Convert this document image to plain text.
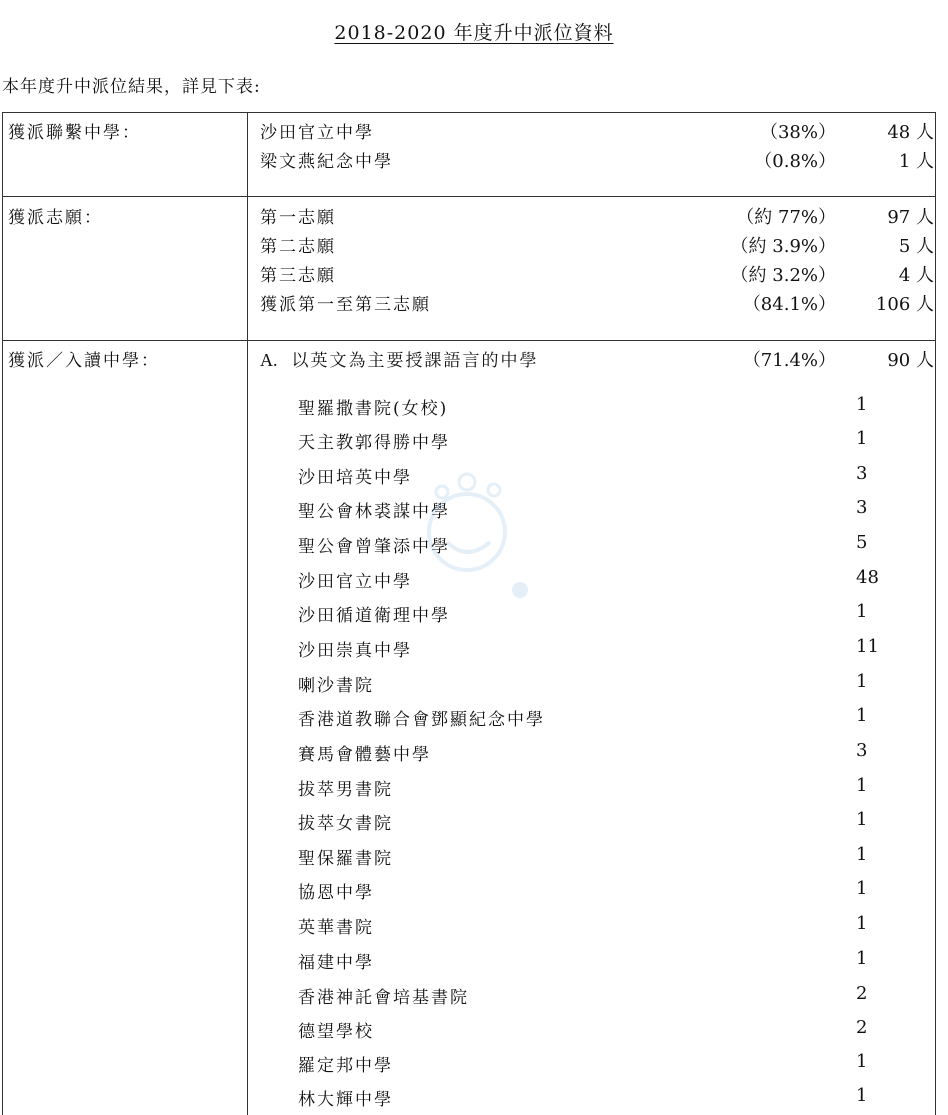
2018-2020 年度升中派位資料
本年度升中派位結果，詳見下表:
獲派聯繫中學：	沙田官立中學	（38%）	48 人
梁文燕紀念中學	（0.8%）	1 人
獲派志願：	第一志願	（約 77%）	97 人
第二志願	（約 3.9%）	5 人
第三志願	（約 3.2%）	4 人
獲派第一至第三志願	（84.1%） 106 人
獲派／入讀中學：	A. 以英文為主要授課語言的中學	（71.4%）	90 人
聖羅撒書院(女校)	1
天主教郭得勝中學	1
沙田培英中學	3
聖公會林裘謀中學	3
聖公會曾肇添中學	5
沙田官立中學	48
沙田循道衛理中學	1
沙田崇真中學	11
喇沙書院	1
香港道教聯合會鄧顯紀念中學	1
賽馬會體藝中學	3
拔萃男書院	1
拔萃女書院	1
聖保羅書院	1
協恩中學	1
英華書院	1
福建中學	1
香港神託會培基書院	2
德望學校	2
羅定邦中學	1
林大輝中學	1
